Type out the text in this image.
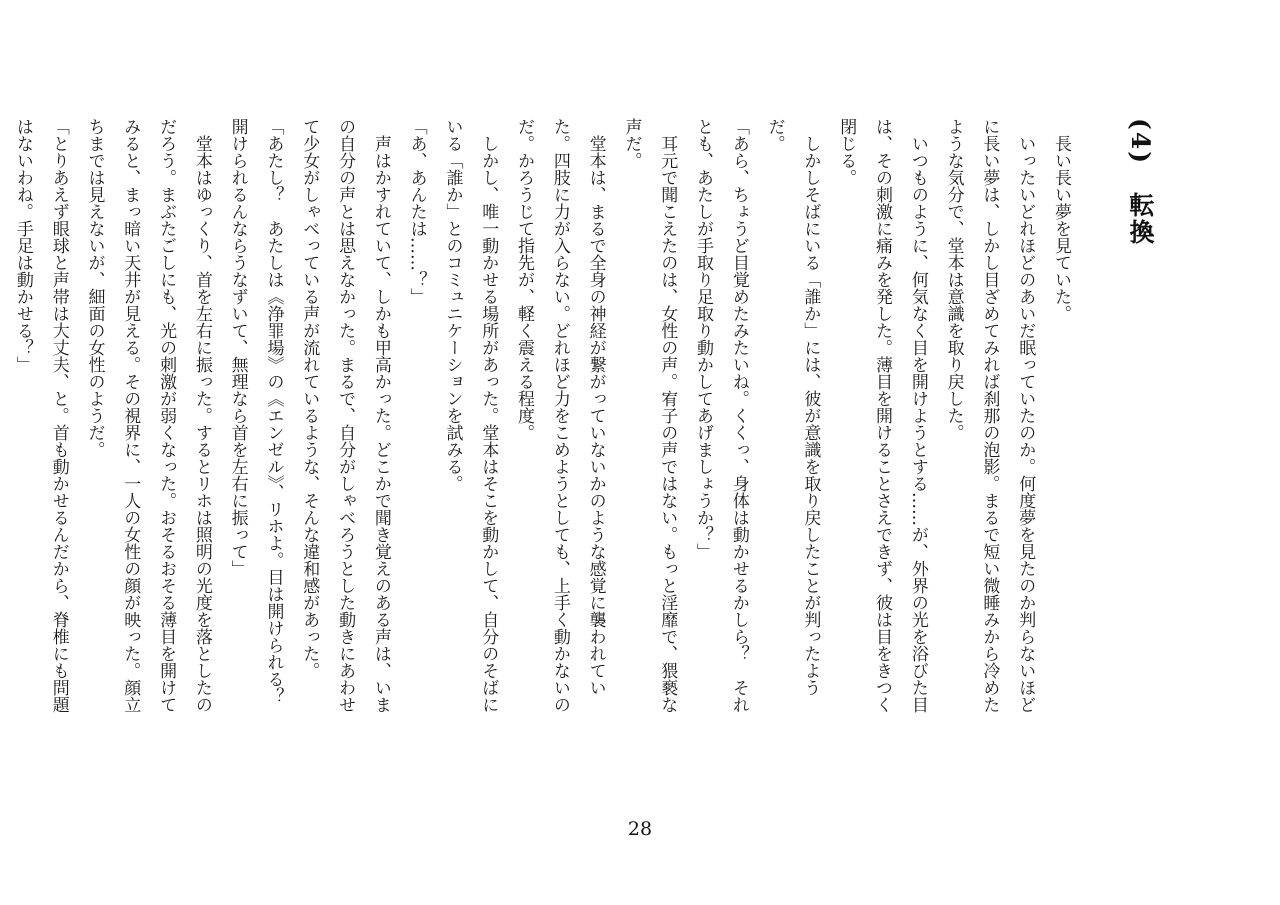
(4)　転換

　長い長い夢を見ていた。

　いったいどれほどのあいだ眠っていたのか。何度夢を見たのか判らないほどに長い夢は、しかし目ざめてみれば刹那の泡影。まるで短い微睡みから冷めたような気分で、堂本は意識を取り戻した。

　いつものように、何気なく目を開けようとする……が、外界の光を浴びた目は、その刺激に痛みを発した。薄目を開けることさえできず、彼は目をきつく閉じる。

　しかしそばにいる「誰か」には、彼が意識を取り戻したことが判ったようだ。

「あら、ちょうど目覚めたみたいね。くくっ、身体は動かせるかしら？　それとも、あたしが手取り足取り動かしてあげましょうか？」

　耳元で聞こえたのは、女性の声。宥子の声ではない。もっと淫靡で、猥褻な声だ。

　堂本は、まるで全身の神経が繋がっていないかのような感覚に襲われていた。四肢に力が入らない。どれほど力をこめようとしても、上手く動かないのだ。かろうじて指先が、軽く震える程度。

　しかし、唯一動かせる場所があった。堂本はそこを動かして、自分のそばにいる「誰か」とのコミュニケーションを試みる。

「あ、あんたは……？」

　声はかすれていて、しかも甲高かった。どこかで聞き覚えのある声は、いまの自分の声とは思えなかった。まるで、自分がしゃべろうとした動きにあわせて少女がしゃべっている声が流れているような、そんな違和感があった。

「あたし？　あたしは《浄罪場》の《エンゼル》、リホよ。目は開けられる？　開けられるんならうなずいて、無理なら首を左右に振って」

　堂本はゆっくり、首を左右に振った。するとリホは照明の光度を落としたのだろう。まぶたごしにも、光の刺激が弱くなった。おそるおそる薄目を開けてみると、まっ暗い天井が見える。その視界に、一人の女性の顔が映った。顔立ちまでは見えないが、細面の女性のようだ。

「とりあえず眼球と声帯は大丈夫、と。首も動かせるんだから、脊椎にも問題はないわね。手足は動かせる？」

28
